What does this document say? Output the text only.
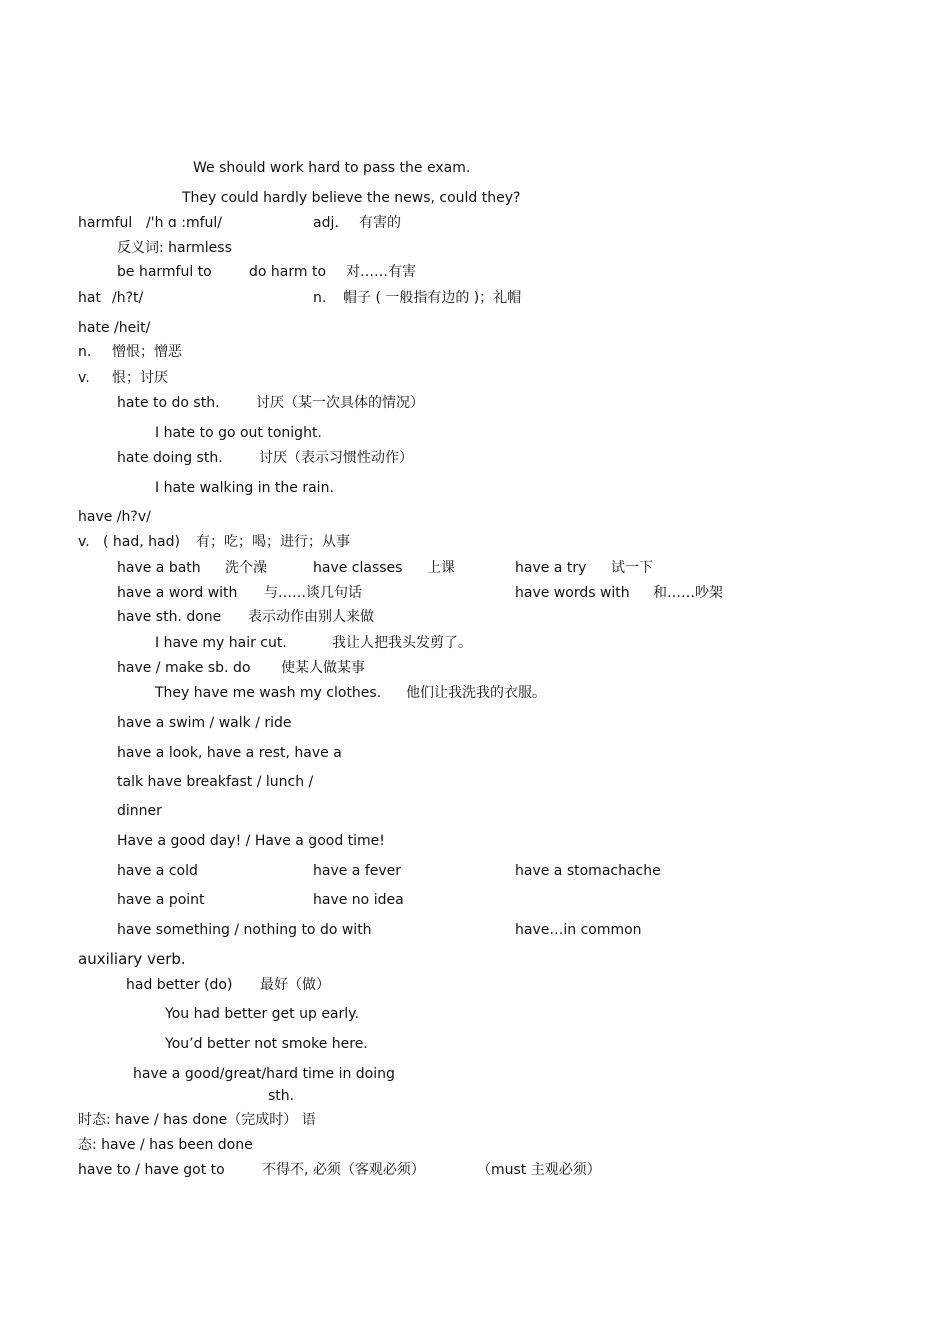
We should work hard to pass the exam.
They could hardly believe the news, could they?
harmful /'h ɑ :mful/	adj. 有害的
反义词: harmless
be harmful to	do harm to 对……有害
hat /h?t/	n. 帽子 ( 一般指有边的 )；礼帽
hate /heit/
n. 憎恨；憎恶
v. 恨；讨厌
hate to do sth.	讨厌（某一次具体的情况）
I hate to go out tonight.
hate doing sth.	讨厌（表示习惯性动作）
I hate walking in the rain.
have /h?v/
v. ( had, had) 有；吃；喝；进行；从事
have a bath 洗个澡	have classes 上课	have a try 试一下
have a word with 与……谈几句话	have words with 和……吵架
have sth. done 表示动作由别人来做
I have my hair cut.	我让人把我头发剪了。
have / make sb. do 使某人做某事
They have me wash my clothes. 他们让我洗我的衣服。
have a swim / walk / ride
have a look, have a rest, have a
talk have breakfast / lunch /
dinner
Have a good day! / Have a good time!
have a cold	have a fever	have a stomachache
have a point	have no idea
have something / nothing to do with	have…in common
auxiliary verb.
had better (do) 最好（做）
You had better get up early.
You’d better not smoke here.
have a good/great/hard time in doing
sth.
时态: have / has done（完成时） 语
态: have / has been done
have to / have got to	不得不, 必须（客观必须）	（must 主观必须）
